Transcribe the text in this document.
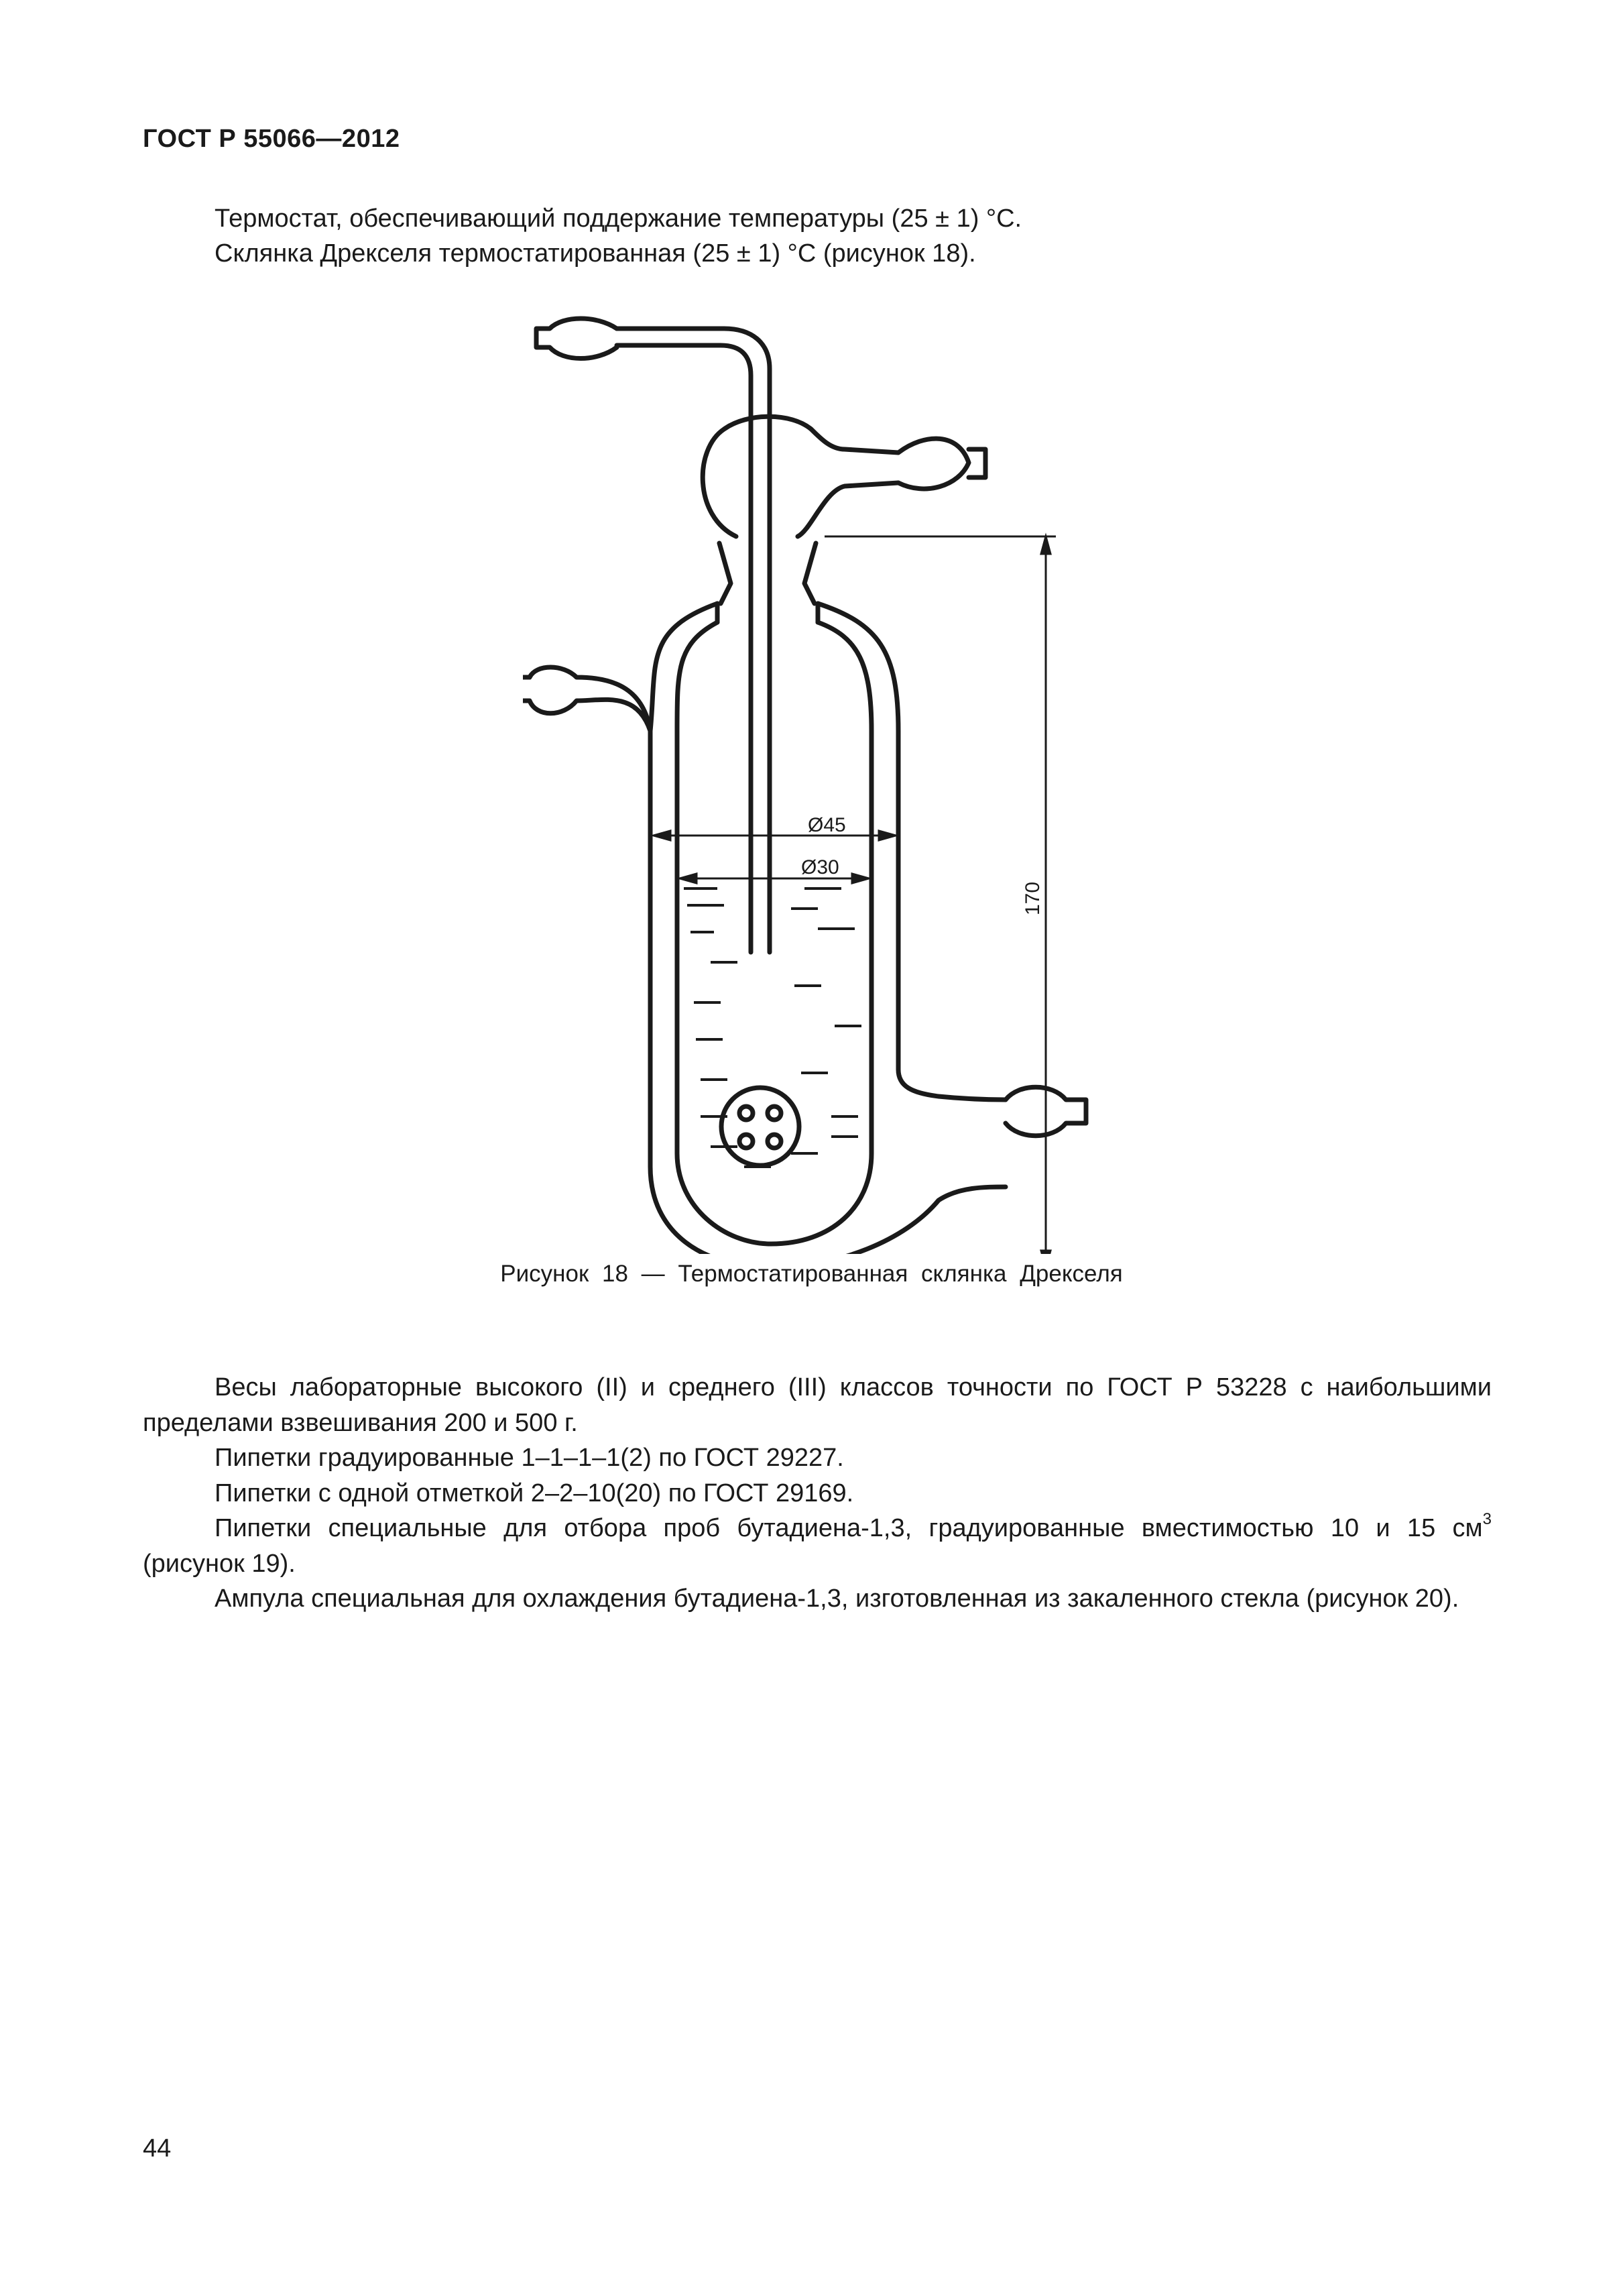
ГОСТ Р 55066—2012
Термостат, обеспечивающий поддержание температуры (25 ± 1) °С.
Склянка Дрекселя термостатированная (25 ± 1) °С (рисунок 18).
Ø45
Ø30
170
Рисунок 18 — Термостатированная склянка Дрекселя

Весы лабораторные высокого (II) и среднего (III) классов точности по ГОСТ Р 53228 с наибольшими пределами взвешивания 200 и 500 г.

Пипетки градуированные 1–1–1–1(2) по ГОСТ 29227.

Пипетки с одной отметкой 2–2–10(20) по ГОСТ 29169.

Пипетки специальные для отбора проб бутадиена-1,3, градуированные вместимостью 10 и 15 $см^3$ (рисунок 19).

Ампула специальная для охлаждения бутадиена-1,3, изготовленная из закаленного стекла (рисунок 20).

44
